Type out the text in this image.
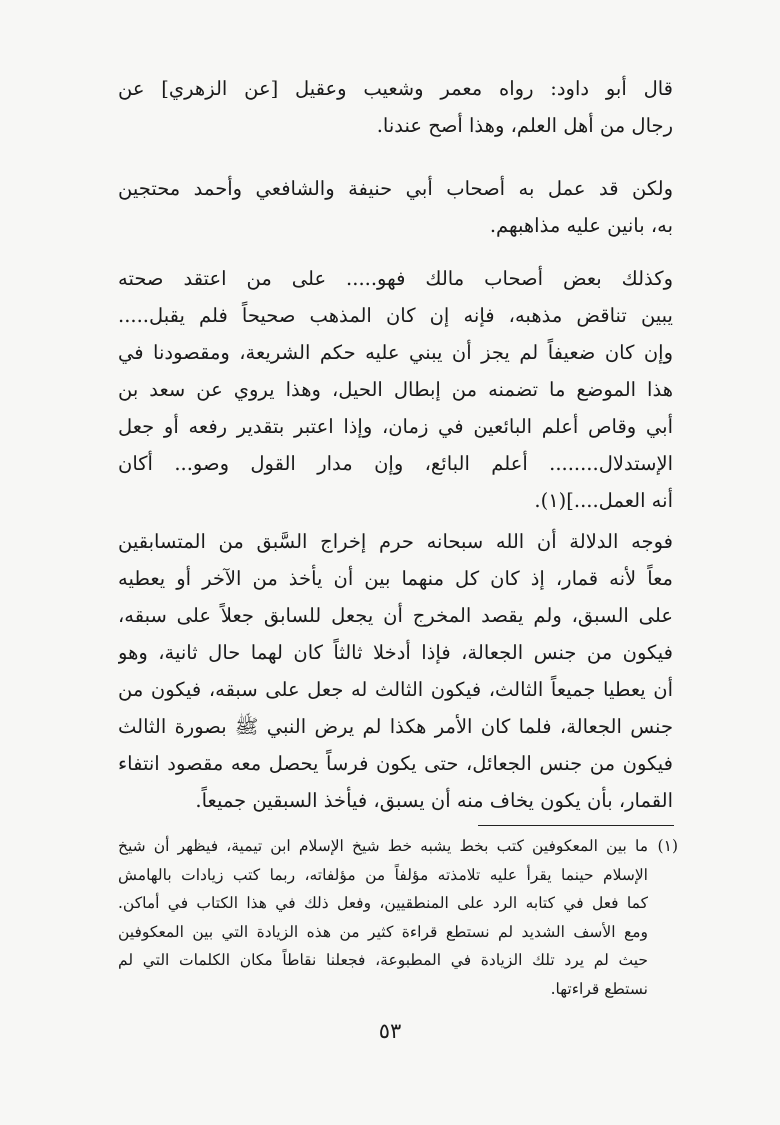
قال أبو داود: رواه معمر وشعيب وعقيل [عن الزهري] عن
رجال من أهل العلم، وهذا أصح عندنا.
ولكن قد عمل به أصحاب أبي حنيفة والشافعي وأحمد محتجين
به، بانين عليه مذاهبهم.
وكذلك بعض أصحاب مالك فهو..... على من اعتقد صحته
يبين تناقض مذهبه، فإنه إن كان المذهب صحيحاً فلم يقبل.....
وإن كان ضعيفاً لم يجز أن يبني عليه حكم الشريعة، ومقصودنا في
هذا الموضع ما تضمنه من إبطال الحيل، وهذا يروي عن سعد بن
أبي وقاص أعلم البائعين في زمان، وإذا اعتبر بتقدير رفعه أو جعل
الإستدلال........ أعلم البائع، وإن مدار القول وصو... أكان
أنه العمل....](١).
فوجه الدلالة أن الله سبحانه حرم إخراج السَّبق من المتسابقين
معاً لأنه قمار، إذ كان كل منهما بين أن يأخذ من الآخر أو يعطيه
على السبق، ولم يقصد المخرج أن يجعل للسابق جعلاً على سبقه،
فيكون من جنس الجعالة، فإذا أدخلا ثالثاً كان لهما حال ثانية، وهو
أن يعطيا جميعاً الثالث، فيكون الثالث له جعل على سبقه، فيكون من
جنس الجعالة، فلما كان الأمر هكذا لم يرض النبي ﷺ بصورة الثالث
فيكون من جنس الجعائل، حتى يكون فرساً يحصل معه مقصود انتفاء
القمار، بأن يكون يخاف منه أن يسبق، فيأخذ السبقين جميعاً.
(١)
ما بين المعكوفين كتب بخط يشبه خط شيخ الإسلام ابن تيمية، فيظهر أن شيخ
الإسلام حينما يقرأ عليه تلامذته مؤلفاً من مؤلفاته، ربما كتب زيادات بالهامش
كما فعل في كتابه الرد على المنطقيين، وفعل ذلك في هذا الكتاب في أماكن.
ومع الأسف الشديد لم نستطع قراءة كثير من هذه الزيادة التي بين المعكوفين
حيث لم يرد تلك الزيادة في المطبوعة، فجعلنا نقاطاً مكان الكلمات التي لم
نستطع قراءتها.
٥٣
